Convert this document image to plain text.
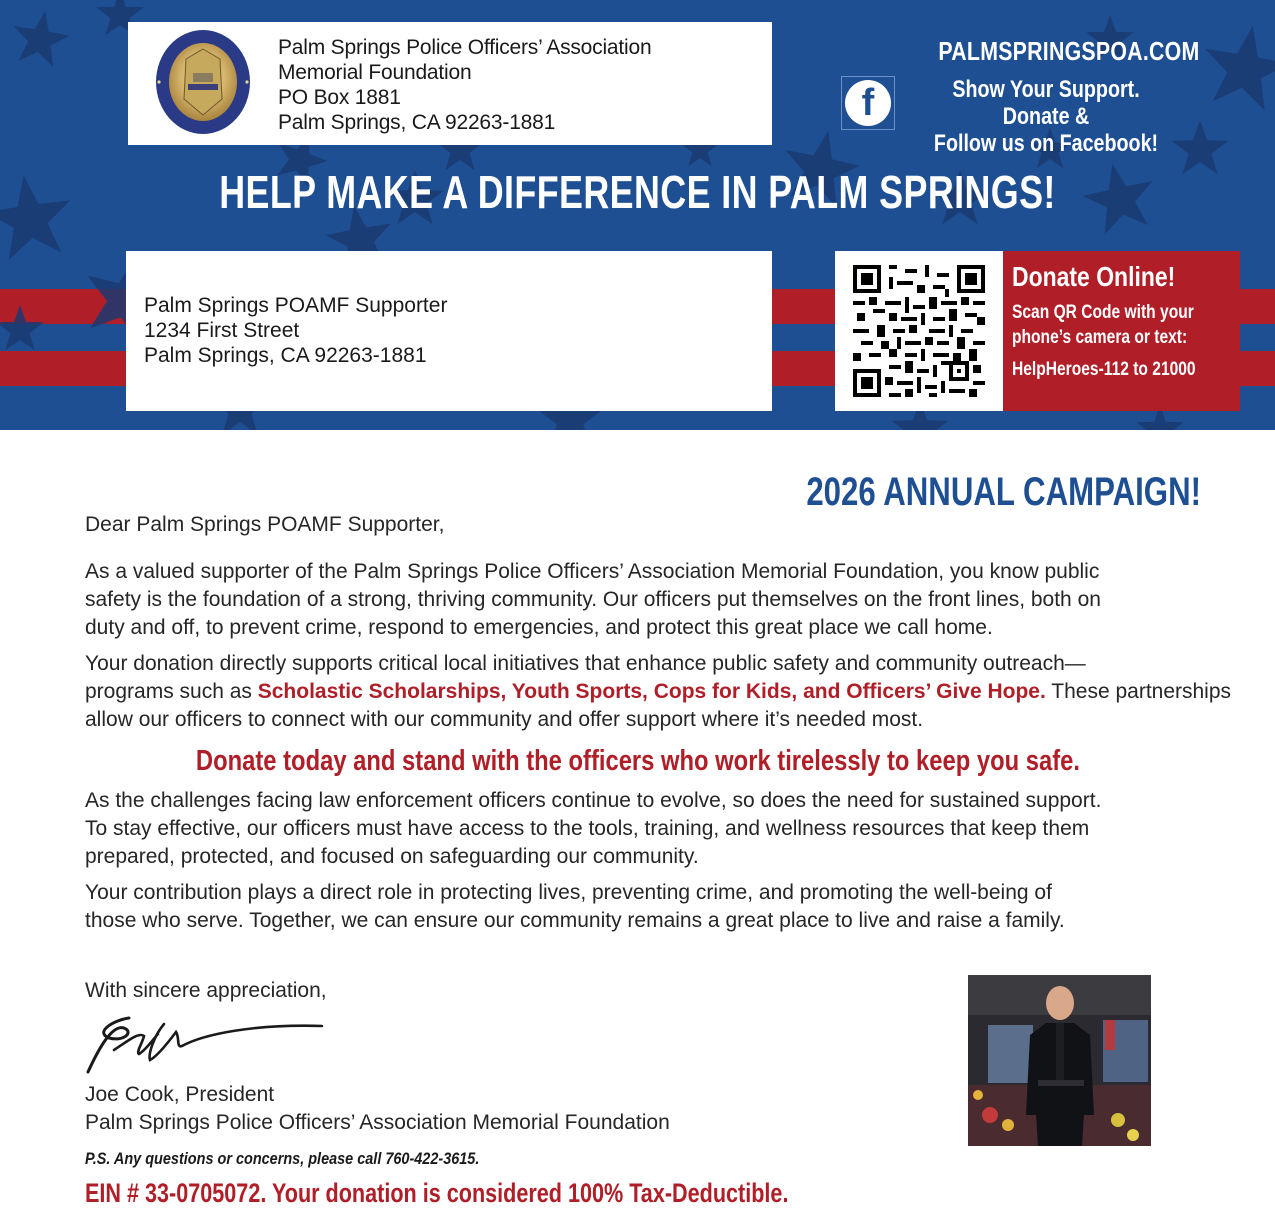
Palm Springs Police Officers’ Association
Memorial Foundation
PO Box 1881
Palm Springs, CA 92263-1881
PALMSPRINGSPOA.COM
f	Show Your Support. Donate &
Follow us on Facebook!
HELP MAKE A DIFFERENCE IN PALM SPRINGS!
Palm Springs POAMF Supporter
1234 First Street
Palm Springs, CA 92263-1881
Donate Online!
Scan QR Code with your
phone’s camera or text:
HelpHeroes-112 to 21000
2026 ANNUAL CAMPAIGN!
Dear Palm Springs POAMF Supporter,
As a valued supporter of the Palm Springs Police Officers’ Association Memorial Foundation, you know public
safety is the foundation of a strong, thriving community. Our officers put themselves on the front lines, both on
duty and off, to prevent crime, respond to emergencies, and protect this great place we call home.
Your donation directly supports critical local initiatives that enhance public safety and community outreach—
programs such as Scholastic Scholarships, Youth Sports, Cops for Kids, and Officers’ Give Hope. These partnerships
allow our officers to connect with our community and offer support where it’s needed most.
Donate today and stand with the officers who work tirelessly to keep you safe.
As the challenges facing law enforcement officers continue to evolve, so does the need for sustained support.
To stay effective, our officers must have access to the tools, training, and wellness resources that keep them
prepared, protected, and focused on safeguarding our community.
Your contribution plays a direct role in protecting lives, preventing crime, and promoting the well-being of
those who serve. Together, we can ensure our community remains a great place to live and raise a family.
With sincere appreciation,
Joe Cook, President
Palm Springs Police Officers’ Association Memorial Foundation
P.S. Any questions or concerns, please call 760-422-3615.
EIN # 33-0705072. Your donation is considered 100% Tax-Deductible.
